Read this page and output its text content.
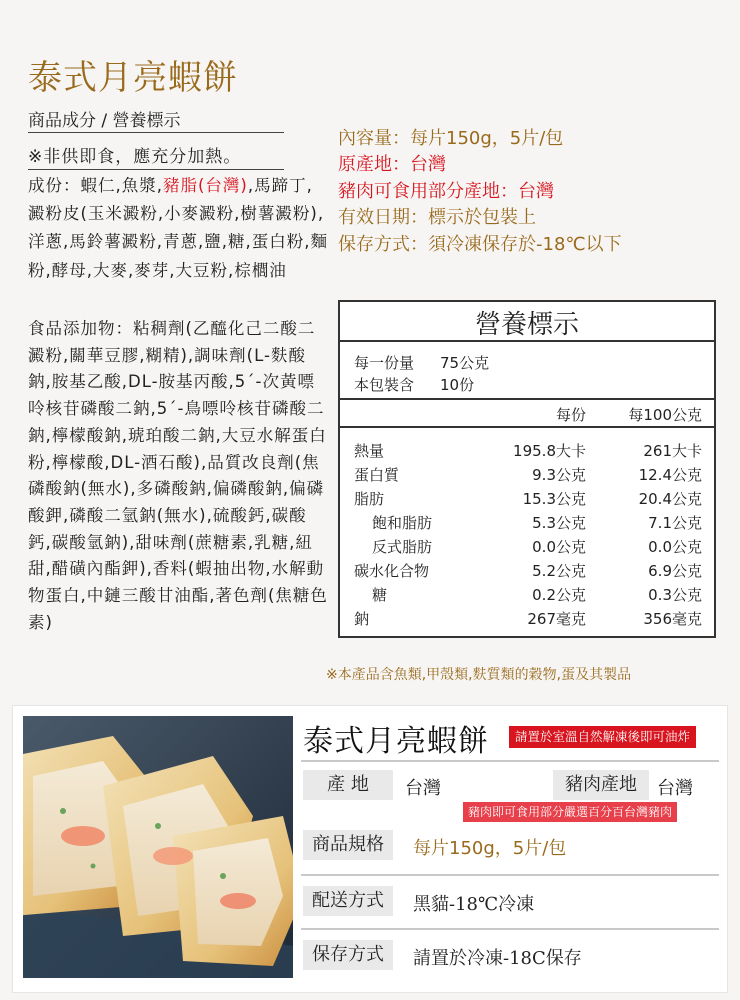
泰式月亮蝦餅
商品成分 / 營養標示
※非供即食，應充分加熱。
成份：蝦仁,魚漿,豬脂(台灣),馬蹄丁,澱粉皮(玉米澱粉,小麥澱粉,樹薯澱粉),洋蔥,馬鈴薯澱粉,青蔥,鹽,糖,蛋白粉,麵粉,酵母,大麥,麥芽,大豆粉,棕櫚油
食品添加物：粘稠劑(乙醯化己二酸二澱粉,關華豆膠,糊精),調味劑(L-麩酸鈉,胺基乙酸,DL-胺基丙酸,5´-次黃嘌呤核苷磷酸二鈉,5´-鳥嘌呤核苷磷酸二鈉,檸檬酸鈉,琥珀酸二鈉,大豆水解蛋白粉,檸檬酸,DL-酒石酸),品質改良劑(焦磷酸鈉(無水),多磷酸鈉,偏磷酸鈉,偏磷酸鉀,磷酸二氫鈉(無水),硫酸鈣,碳酸鈣,碳酸氫鈉),甜味劑(蔗糖素,乳糖,紐甜,醋磺內酯鉀),香料(蝦抽出物,水解動物蛋白,中鏈三酸甘油酯,著色劑(焦糖色素)
內容量：每片150g，5片/包
原產地：台灣
豬肉可食用部分產地：台灣
有效日期：標示於包裝上
保存方式：須冷凍保存於-18℃以下
營養標示
每一份量 75公克
本包裝含 10份
每份	每100公克
熱量	195.8大卡	261大卡
蛋白質	9.3公克	12.4公克
脂肪	15.3公克	20.4公克
飽和脂肪	5.3公克	7.1公克
反式脂肪	0.0公克	0.0公克
碳水化合物	5.2公克	6.9公克
糖	0.2公克	0.3公克
鈉	267毫克	356毫克
※本產品含魚類,甲殼類,麩質類的穀物,蛋及其製品
泰式月亮蝦餅	請置於室溫自然解凍後即可油炸
產 地	台灣	豬肉產地	台灣
豬肉即可食用部分嚴選百分百台灣豬肉
商品規格	每片150g，5片/包
配送方式	黑貓-18℃冷凍
保存方式	請置於冷凍-18C保存
